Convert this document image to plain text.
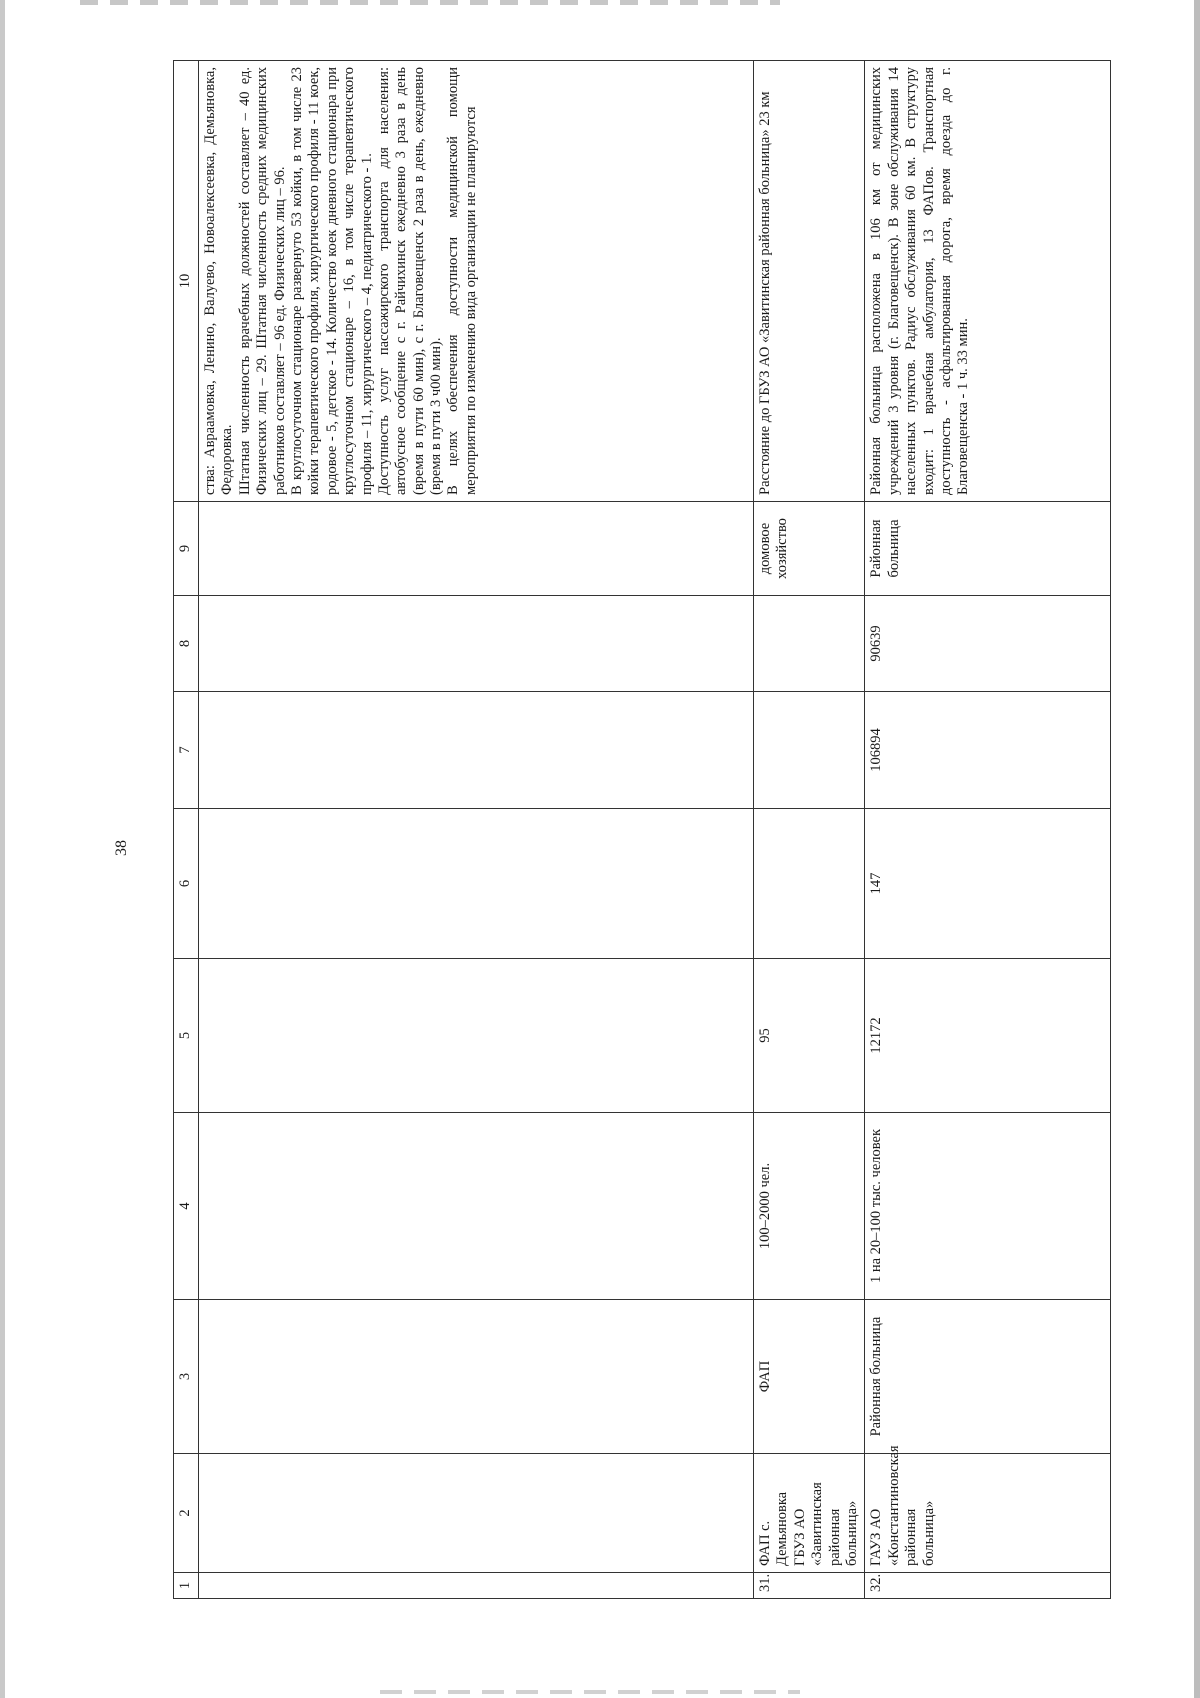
38
1	2	3	4	5	6	7	8	9	10
									ства: Авраамовка, Ленино, Валуево, Новоалексеевка, Демьяновка, Федоровка.
Штатная численность врачебных должностей составляет – 40 ед. Физических лиц – 29. Штатная численность средних медицинских работников составляет – 96 ед. Физических лиц – 96.
В круглосуточном стационаре развернуто 53 койки, в том числе 23 койки терапевтического профиля, хирургического профиля - 11 коек, родовое - 5, детское - 14. Количество коек дневного стационара при круглосуточном стационаре – 16, в том числе терапевтического профиля – 11, хирургического – 4, педиатрического - 1.
Доступность услуг пассажирского транспорта для населения: автобусное сообщение с г. Райчихинск ежедневно 3 раза в день (время в пути 60 мин), с г. Благовещенск 2 раза в день, ежедневно (время в пути 3 ч00 мин).
В целях обеспечения доступности медицинской помощи мероприятия по изменению вида организации не планируются
31.	ФАП с. Демьяновка ГБУЗ АО «Завитинская районная больница»	ФАП	100–2000 чел.	95				домовое хозяйство	Расстояние до ГБУЗ АО «Завитинская районная больница» 23 км
32.	ГАУЗ АО «Константиновская районная больница»	Районная больница	1 на 20–100 тыс. человек	12172	147	106894	90639	Районная больница	Районная больница расположена в 106 км от медицинских учреждений 3 уровня (г. Благовещенск). В зоне обслуживания 14 населенных пунктов. Радиус обслуживания 60 км. В структуру входит: 1 врачебная амбулатория, 13 ФАПов. Транспортная доступность - асфальтированная дорога, время доезда до г. Благовещенска - 1 ч. 33 мин.
